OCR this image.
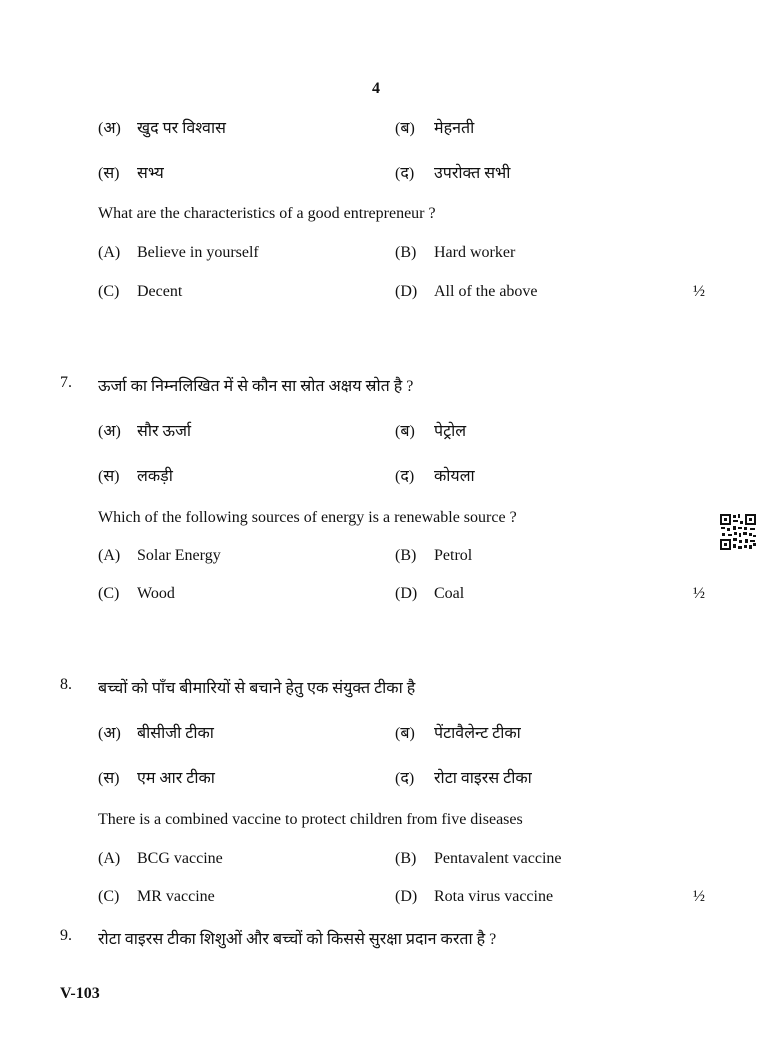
4
(अ) खुद पर विश्वास	(ब) मेहनती
(स) सभ्य	(द) उपरोक्त सभी
What are the characteristics of a good entrepreneur ?
(A) Believe in yourself	(B) Hard worker
(C) Decent	(D) All of the above	½
7. ऊर्जा का निम्नलिखित में से कौन सा स्रोत अक्षय स्रोत है ?
(अ) सौर ऊर्जा	(ब) पेट्रोल
(स) लकड़ी	(द) कोयला
Which of the following sources of energy is a renewable source ?
(A) Solar Energy	(B) Petrol
(C) Wood	(D) Coal	½
8. बच्चों को पाँच बीमारियों से बचाने हेतु एक संयुक्त टीका है
(अ) बीसीजी टीका	(ब) पेंटावैलेन्ट टीका
(स) एम आर टीका	(द) रोटा वाइरस टीका
There is a combined vaccine to protect children from five diseases
(A) BCG vaccine	(B) Pentavalent vaccine
(C) MR vaccine	(D) Rota virus vaccine	½
9. रोटा वाइरस टीका शिशुओं और बच्चों को किससे सुरक्षा प्रदान करता है ?
V-103
